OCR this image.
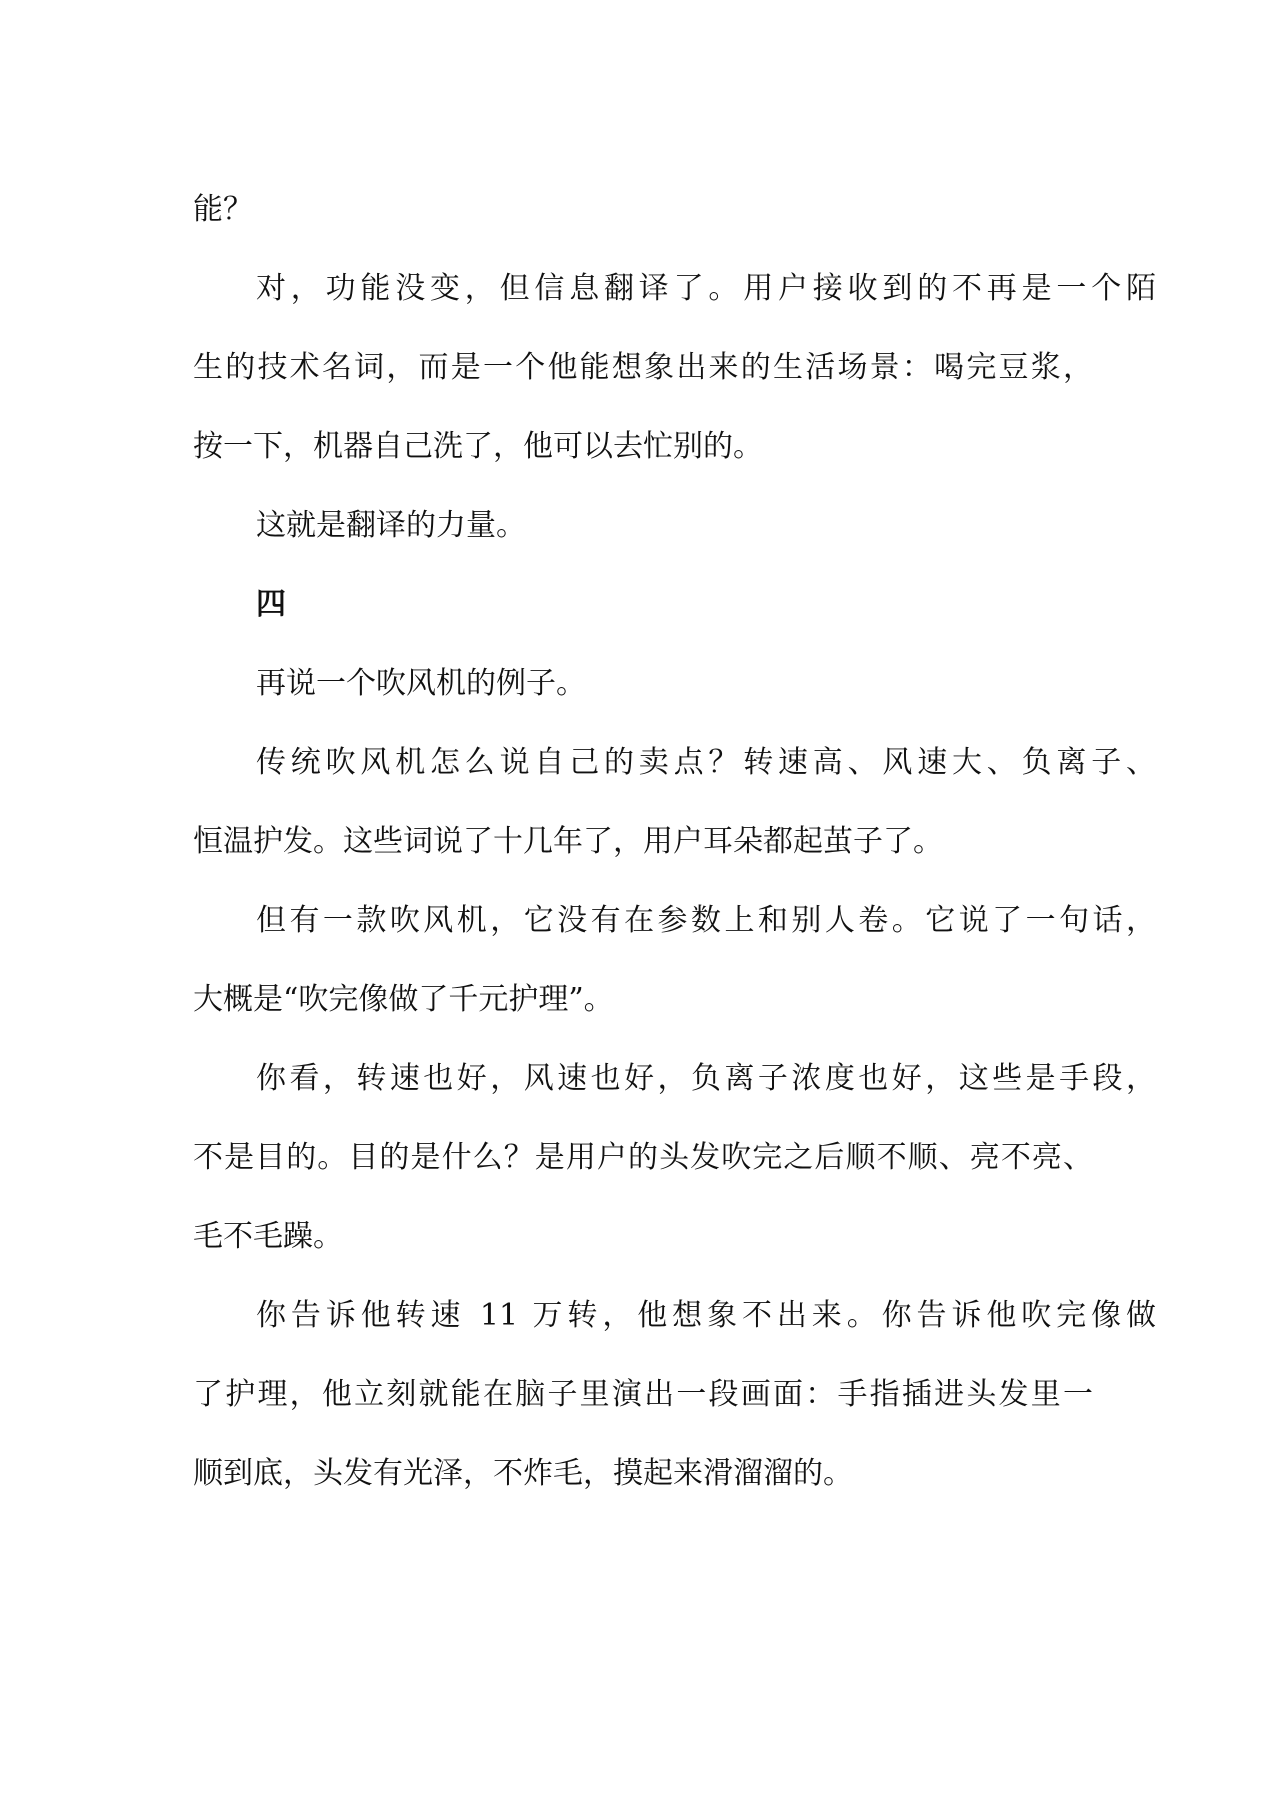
能？
对，功能没变，但信息翻译了。用户接收到的不再是一个陌
生的技术名词，而是一个他能想象出来的生活场景：喝完豆浆，
按一下，机器自己洗了，他可以去忙别的。
这就是翻译的力量。
四
再说一个吹风机的例子。
传统吹风机怎么说自己的卖点？转速高、风速大、负离子、
恒温护发。这些词说了十几年了，用户耳朵都起茧子了。
但有一款吹风机，它没有在参数上和别人卷。它说了一句话，
大概是“吹完像做了千元护理”。
你看，转速也好，风速也好，负离子浓度也好，这些是手段，
不是目的。目的是什么？是用户的头发吹完之后顺不顺、亮不亮、
毛不毛躁。
你告诉他转速 11 万转，他想象不出来。你告诉他吹完像做
了护理，他立刻就能在脑子里演出一段画面：手指插进头发里一
顺到底，头发有光泽，不炸毛，摸起来滑溜溜的。
